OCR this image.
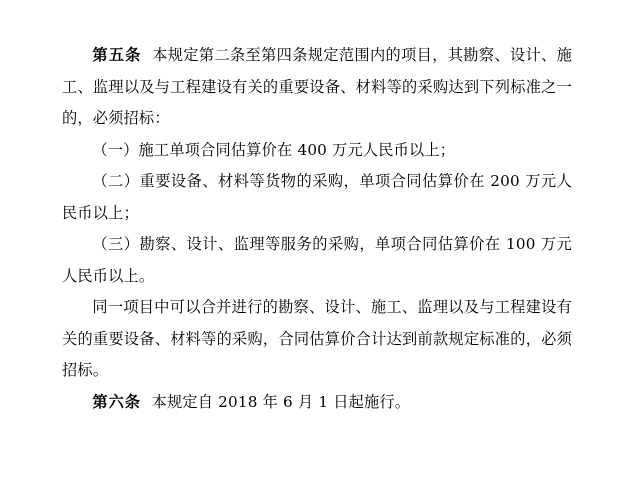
第五条 本规定第二条至第四条规定范围内的项目，其勘察、设计、施工、监理以及与工程建设有关的重要设备、材料等的采购达到下列标准之一的，必须招标：

（一）施工单项合同估算价在 400 万元人民币以上；

（二）重要设备、材料等货物的采购，单项合同估算价在 200 万元人民币以上；

（三）勘察、设计、监理等服务的采购，单项合同估算价在 100 万元人民币以上。

同一项目中可以合并进行的勘察、设计、施工、监理以及与工程建设有关的重要设备、材料等的采购，合同估算价合计达到前款规定标准的，必须招标。

第六条 本规定自 2018 年 6 月 1 日起施行。
